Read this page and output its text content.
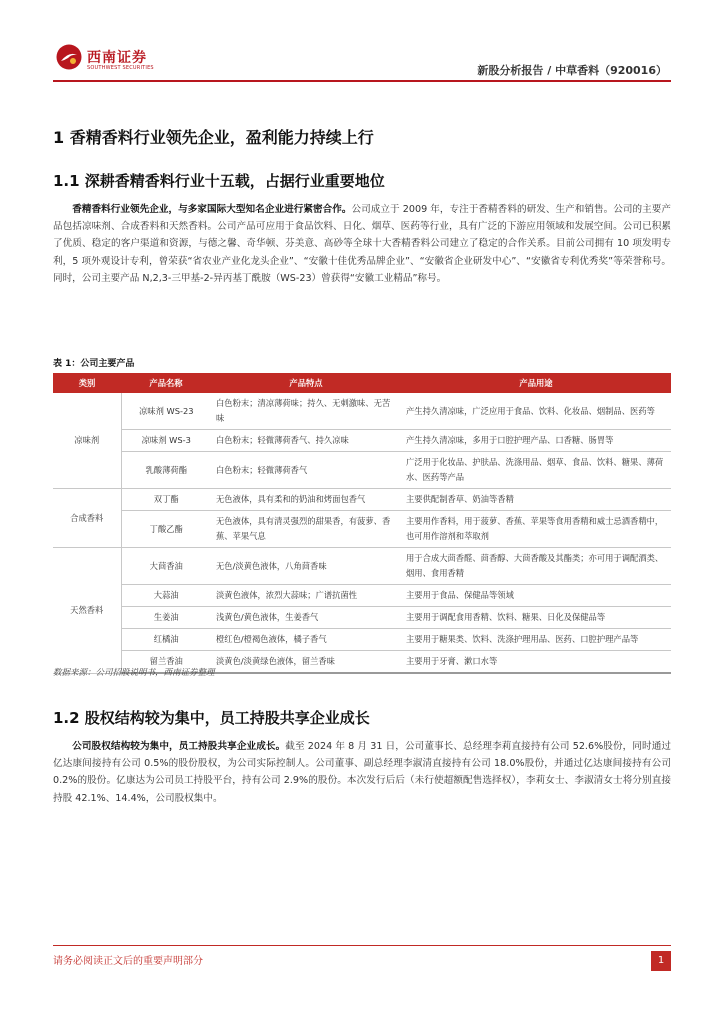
西南证券
SOUTHWEST SECURITIES	新股分析报告 / 中草香料（920016）
1 香精香料行业领先企业，盈利能力持续上行
1.1 深耕香精香料行业十五载，占据行业重要地位

香精香料行业领先企业，与多家国际大型知名企业进行紧密合作。公司成立于 2009 年，专注于香精香料的研发、生产和销售。公司的主要产品包括凉味剂、合成香料和天然香料。公司产品可应用于食品饮料、日化、烟草、医药等行业，具有广泛的下游应用领域和发展空间。公司已积累了优质、稳定的客户渠道和资源，与德之馨、奇华顿、芬美意、高砂等全球十大香精香料公司建立了稳定的合作关系。目前公司拥有 10 项发明专利，5 项外观设计专利，曾荣获“省农业产业化龙头企业”、“安徽十佳优秀品牌企业”、“安徽省企业研发中心”、“安徽省专利优秀奖”等荣誉称号。同时，公司主要产品 N,2,3-三甲基-2-异丙基丁酰胺（WS-23）曾获得“安徽工业精品”称号。

表 1：公司主要产品
类别	产品名称	产品特点	产品用途
凉味剂	凉味剂 WS-23	白色粉末；清凉薄荷味；持久、无刺激味、无苦味	产生持久清凉味，广泛应用于食品、饮料、化妆品、烟制品、医药等
	凉味剂 WS-3	白色粉末；轻微薄荷香气、持久凉味	产生持久清凉味，多用于口腔护理产品、口香糖、肠胃等
	乳酸薄荷酯	白色粉末；轻微薄荷香气	广泛用于化妆品、护肤品、洗涤用品、烟草、食品、饮料、糖果、薄荷水、医药等产品
合成香料	双丁酯	无色液体，具有柔和的奶油和烤面包香气	主要供配制香草、奶油等香精
	丁酸乙酯	无色液体，具有清灵强烈的甜果香，有菠萝、香蕉、苹果气息	主要用作香料，用于菠萝、香蕉、苹果等食用香精和威士忌酒香精中，也可用作溶剂和萃取剂
天然香料	大茴香油	无色/淡黄色液体，八角茴香味	用于合成大茴香醛、茴香醇、大茴香酸及其酯类；亦可用于调配酒类、烟用、食用香精
	大蒜油	淡黄色液体，浓烈大蒜味；广谱抗菌性	主要用于食品、保健品等领域
	生姜油	浅黄色/黄色液体，生姜香气	主要用于调配食用香精、饮料、糖果、日化及保健品等
	红橘油	橙红色/橙褐色液体，橘子香气	主要用于糖果类、饮料、洗涤护理用品、医药、口腔护理产品等
	留兰香油	淡黄色/淡黄绿色液体，留兰香味	主要用于牙膏、漱口水等
数据来源：公司招股说明书，西南证券整理
1.2 股权结构较为集中，员工持股共享企业成长

公司股权结构较为集中，员工持股共享企业成长。截至 2024 年 8 月 31 日，公司董事长、总经理李莉直接持有公司 52.6%股份，同时通过亿达康间接持有公司 0.5%的股份股权，为公司实际控制人。公司董事、副总经理李淑清直接持有公司 18.0%股份，并通过亿达康间接持有公司 0.2%的股份。亿康达为公司员工持股平台，持有公司 2.9%的股份。本次发行后后（未行使超额配售选择权），李莉女士、李淑清女士将分别直接持股 42.1%、14.4%，公司股权集中。

请务必阅读正文后的重要声明部分	1
